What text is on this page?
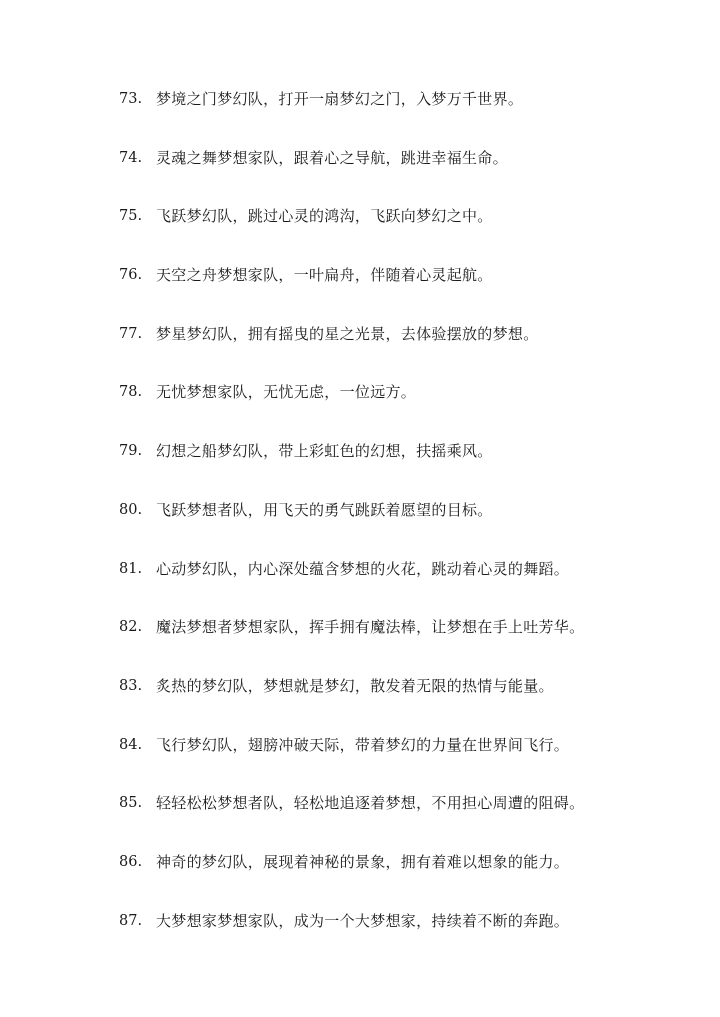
73. 梦境之门梦幻队，打开一扇梦幻之门，入梦万千世界。
74. 灵魂之舞梦想家队，跟着心之导航，跳进幸福生命。
75. 飞跃梦幻队，跳过心灵的鸿沟，飞跃向梦幻之中。
76. 天空之舟梦想家队，一叶扁舟，伴随着心灵起航。
77. 梦星梦幻队，拥有摇曳的星之光景，去体验摆放的梦想。
78. 无忧梦想家队，无忧无虑，一位远方。
79. 幻想之船梦幻队，带上彩虹色的幻想，扶摇乘风。
80. 飞跃梦想者队，用飞天的勇气跳跃着愿望的目标。
81. 心动梦幻队，内心深处蕴含梦想的火花，跳动着心灵的舞蹈。
82. 魔法梦想者梦想家队，挥手拥有魔法棒，让梦想在手上吐芳华。
83. 炙热的梦幻队，梦想就是梦幻，散发着无限的热情与能量。
84. 飞行梦幻队，翅膀冲破天际，带着梦幻的力量在世界间飞行。
85. 轻轻松松梦想者队，轻松地追逐着梦想，不用担心周遭的阻碍。
86. 神奇的梦幻队，展现着神秘的景象，拥有着难以想象的能力。
87. 大梦想家梦想家队，成为一个大梦想家，持续着不断的奔跑。
